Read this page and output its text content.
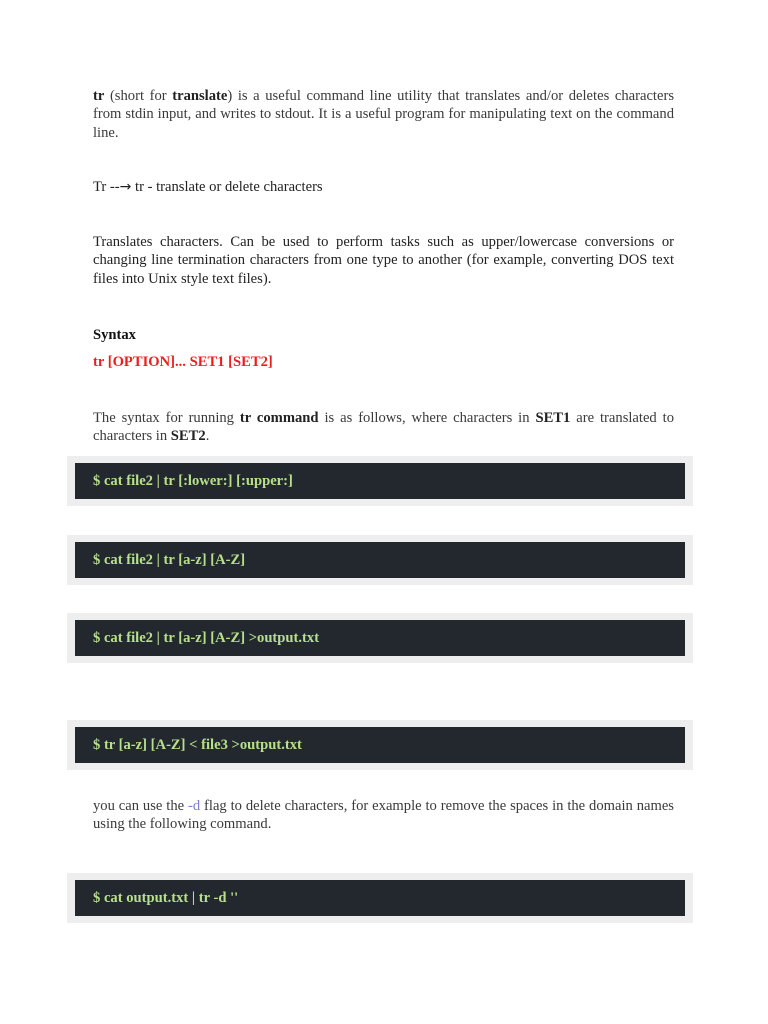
tr (short for translate) is a useful command line utility that translates and/or deletes characters from stdin input, and writes to stdout. It is a useful program for manipulating text on the command line.

Tr --→ tr - translate or delete characters

Translates characters. Can be used to perform tasks such as upper/lowercase conversions or changing line termination characters from one type to another (for example, converting DOS text files into Unix style text files).

Syntax

tr [OPTION]... SET1 [SET2]

The syntax for running tr command is as follows, where characters in SET1 are translated to characters in SET2.

$ cat file2 | tr [:lower:] [:upper:]
$ cat file2 | tr [a-z] [A-Z]
$ cat file2 | tr [a-z] [A-Z] >output.txt
$ tr [a-z] [A-Z] < file3 >output.txt

you can use the -d flag to delete characters, for example to remove the spaces in the domain names using the following command.

$ cat output.txt | tr -d ''
